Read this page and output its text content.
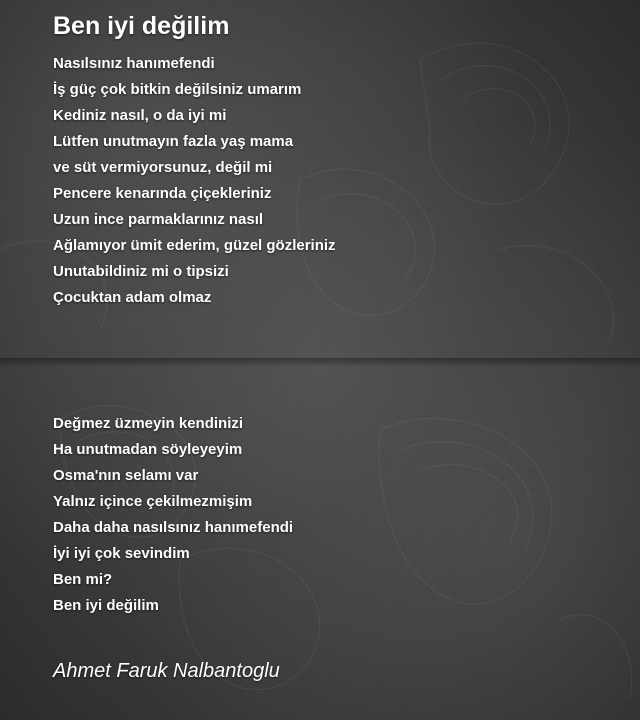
Ben iyi değilim
Nasılsınız hanımefendi
İş güç çok bitkin değilsiniz umarım
Kediniz nasıl, o da iyi mi
Lütfen unutmayın fazla yaş mama
ve süt vermiyorsunuz, değil mi
Pencere kenarında çiçekleriniz
Uzun ince parmaklarınız nasıl
Ağlamıyor ümit ederim, güzel gözleriniz
Unutabildiniz mi o tipsizi
Çocuktan adam olmaz
Değmez üzmeyin kendinizi
Ha unutmadan söyleyeyim
Osma'nın selamı var
Yalnız içince çekilmezmişim
Daha daha nasılsınız hanımefendi
İyi iyi çok sevindim
Ben mi?
Ben iyi değilim

Ahmet Faruk Nalbantoglu
